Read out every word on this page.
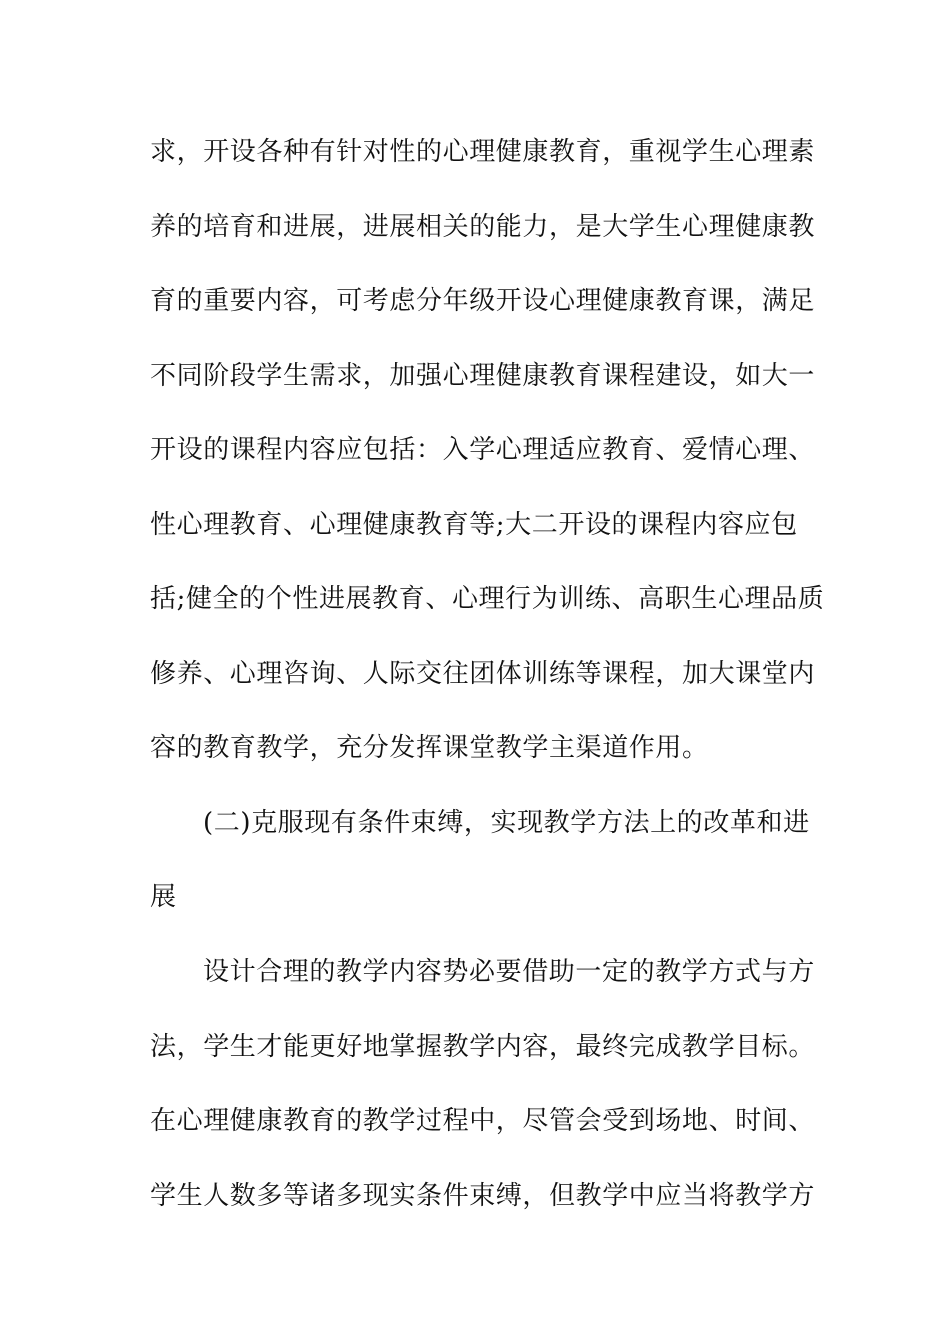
求，开设各种有针对性的心理健康教育，重视学生心理素
养的培育和进展，进展相关的能力，是大学生心理健康教
育的重要内容，可考虑分年级开设心理健康教育课，满足
不同阶段学生需求，加强心理健康教育课程建设，如大一
开设的课程内容应包括：入学心理适应教育、爱情心理、
性心理教育、心理健康教育等;大二开设的课程内容应包
括;健全的个性进展教育、心理行为训练、高职生心理品质
修养、心理咨询、人际交往团体训练等课程，加大课堂内
容的教育教学，充分发挥课堂教学主渠道作用。
(二)克服现有条件束缚，实现教学方法上的改革和进
展
设计合理的教学内容势必要借助一定的教学方式与方
法，学生才能更好地掌握教学内容，最终完成教学目标。
在心理健康教育的教学过程中，尽管会受到场地、时间、
学生人数多等诸多现实条件束缚，但教学中应当将教学方
